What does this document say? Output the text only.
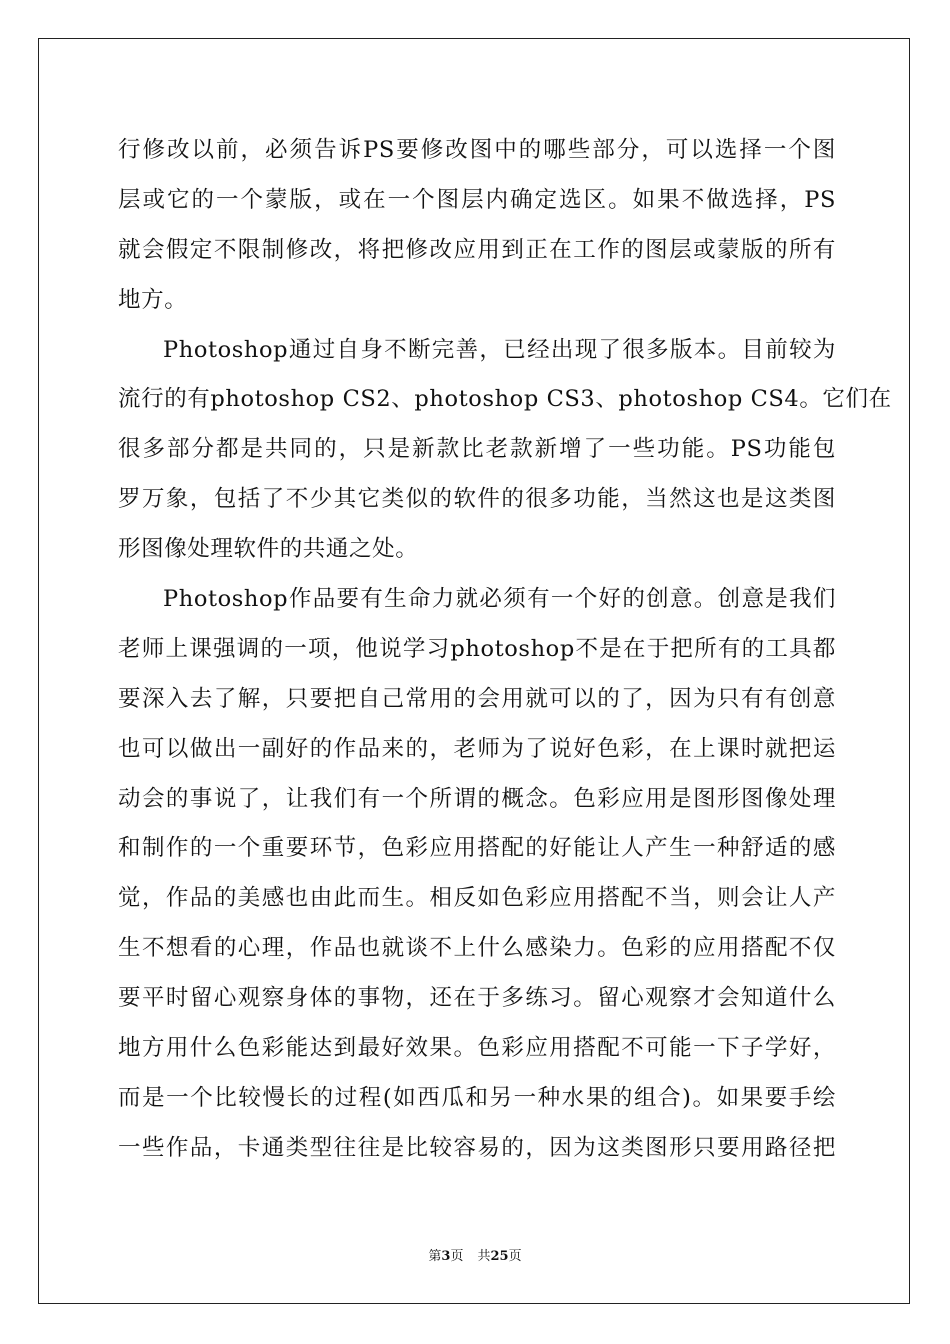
行修改以前，必须告诉PS要修改图中的哪些部分，可以选择一个图
层或它的一个蒙版，或在一个图层内确定选区。如果不做选择，PS
就会假定不限制修改，将把修改应用到正在工作的图层或蒙版的所有
地方。
Photoshop通过自身不断完善，已经出现了很多版本。目前较为
流行的有photoshop CS2、photoshop CS3、photoshop CS4。它们在
很多部分都是共同的，只是新款比老款新增了一些功能。PS功能包
罗万象，包括了不少其它类似的软件的很多功能，当然这也是这类图
形图像处理软件的共通之处。
Photoshop作品要有生命力就必须有一个好的创意。创意是我们
老师上课强调的一项，他说学习photoshop不是在于把所有的工具都
要深入去了解，只要把自己常用的会用就可以的了，因为只有有创意
也可以做出一副好的作品来的，老师为了说好色彩，在上课时就把运
动会的事说了，让我们有一个所谓的概念。色彩应用是图形图像处理
和制作的一个重要环节，色彩应用搭配的好能让人产生一种舒适的感
觉，作品的美感也由此而生。相反如色彩应用搭配不当，则会让人产
生不想看的心理，作品也就谈不上什么感染力。色彩的应用搭配不仅
要平时留心观察身体的事物，还在于多练习。留心观察才会知道什么
地方用什么色彩能达到最好效果。色彩应用搭配不可能一下子学好，
而是一个比较慢长的过程(如西瓜和另一种水果的组合)。如果要手绘
一些作品，卡通类型往往是比较容易的，因为这类图形只要用路径把
第3页 共25页
